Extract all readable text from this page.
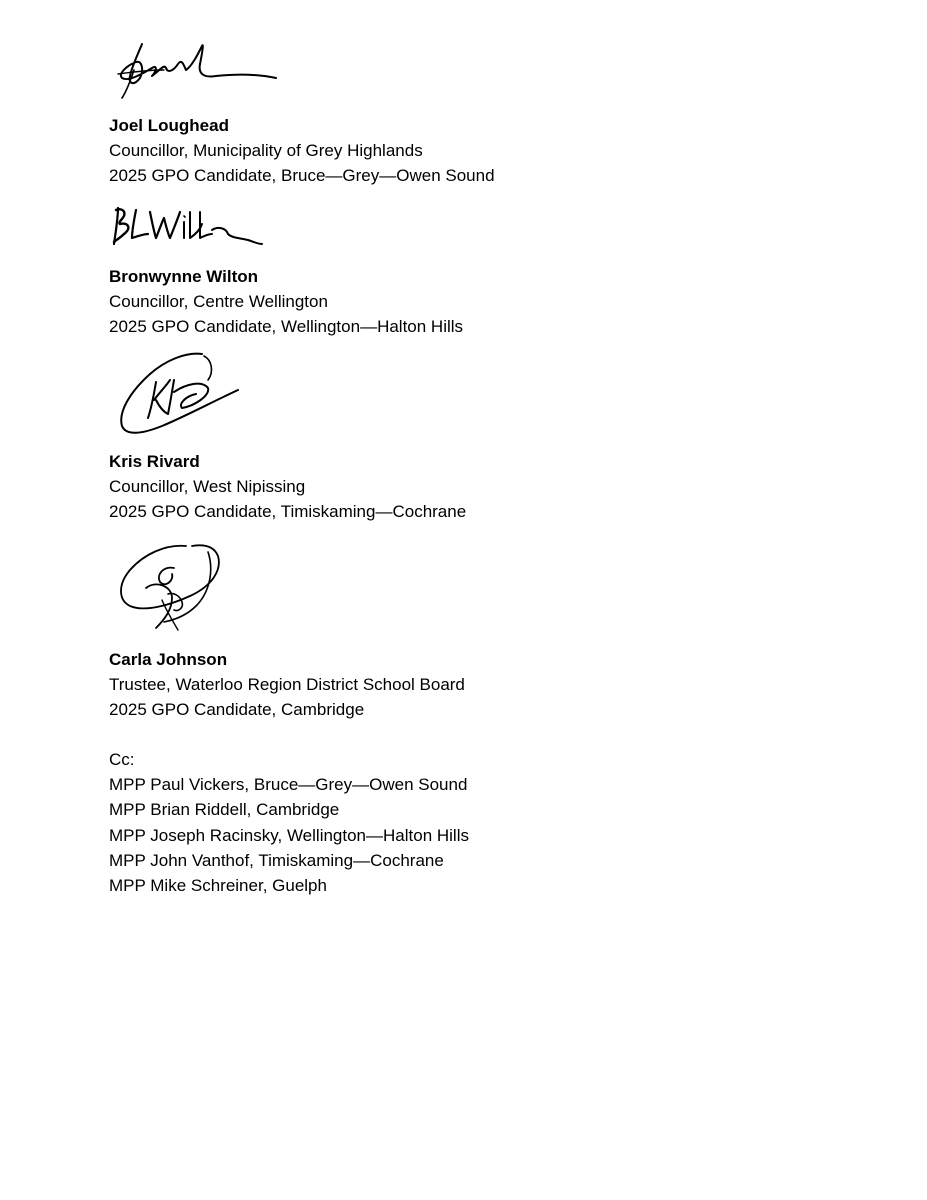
Joel Loughead
Councillor, Municipality of Grey Highlands
2025 GPO Candidate, Bruce—Grey—Owen Sound
Bronwynne Wilton
Councillor, Centre Wellington
2025 GPO Candidate, Wellington—Halton Hills
Kris Rivard
Councillor, West Nipissing
2025 GPO Candidate, Timiskaming—Cochrane
Carla Johnson
Trustee, Waterloo Region District School Board
2025 GPO Candidate, Cambridge
Cc:
MPP Paul Vickers, Bruce—Grey—Owen Sound
MPP Brian Riddell, Cambridge
MPP Joseph Racinsky, Wellington—Halton Hills
MPP John Vanthof, Timiskaming—Cochrane
MPP Mike Schreiner, Guelph
